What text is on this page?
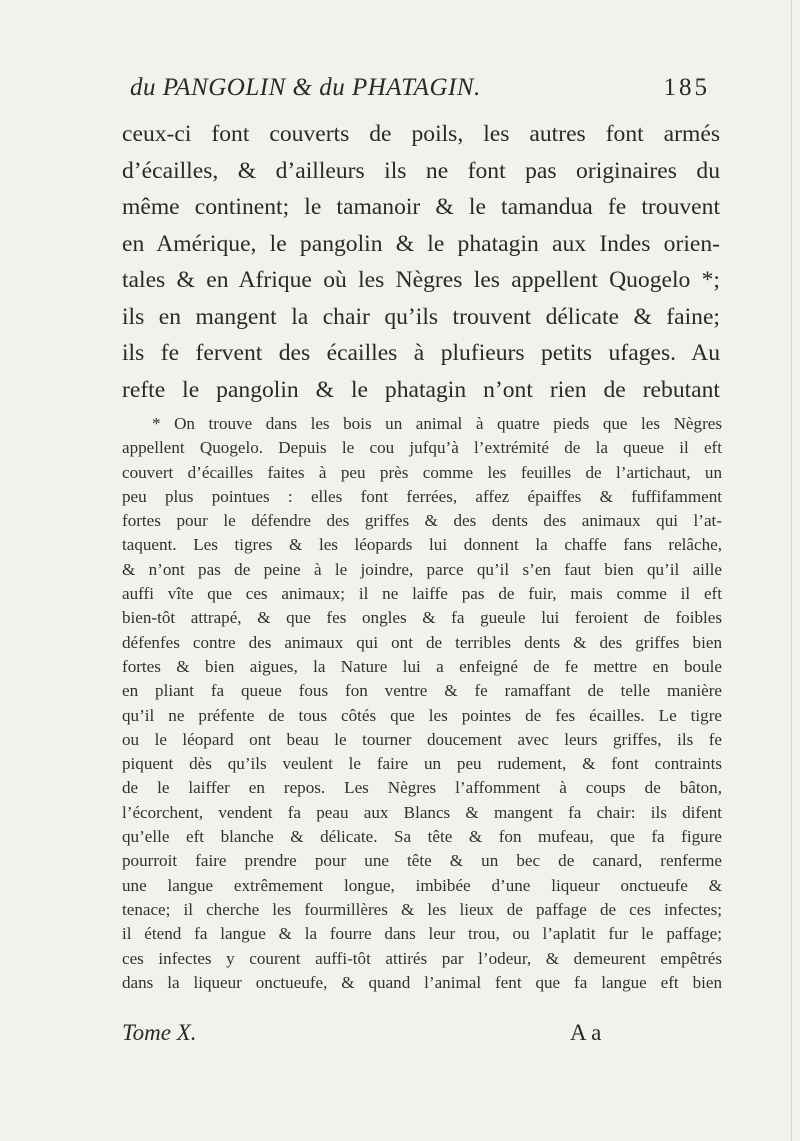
du PANGOLIN & du PHATAGIN.	185
ceux-ci font couverts de poils, les autres font armés
d’écailles, & d’ailleurs ils ne font pas originaires du
même continent; le tamanoir & le tamandua fe trouvent
en Amérique, le pangolin & le phatagin aux Indes orien-
tales & en Afrique où les Nègres les appellent Quogelo *;
ils en mangent la chair qu’ils trouvent délicate & faine;
ils fe fervent des écailles à plufieurs petits ufages. Au
refte le pangolin & le phatagin n’ont rien de rebutant
* On trouve dans les bois un animal à quatre pieds que les Nègres
appellent Quogelo. Depuis le cou jufqu’à l’extrémité de la queue il eft
couvert d’écailles faites à peu près comme les feuilles de l’artichaut, un
peu plus pointues : elles font ferrées, affez épaiffes & fuffifamment
fortes pour le défendre des griffes & des dents des animaux qui l’at-
taquent. Les tigres & les léopards lui donnent la chaffe fans relâche,
& n’ont pas de peine à le joindre, parce qu’il s’en faut bien qu’il aille
auffi vîte que ces animaux; il ne laiffe pas de fuir, mais comme il eft
bien-tôt attrapé, & que fes ongles & fa gueule lui feroient de foibles
défenfes contre des animaux qui ont de terribles dents & des griffes bien
fortes & bien aigues, la Nature lui a enfeigné de fe mettre en boule
en pliant fa queue fous fon ventre & fe ramaffant de telle manière
qu’il ne préfente de tous côtés que les pointes de fes écailles. Le tigre
ou le léopard ont beau le tourner doucement avec leurs griffes, ils fe
piquent dès qu’ils veulent le faire un peu rudement, & font contraints
de le laiffer en repos. Les Nègres l’affomment à coups de bâton,
l’écorchent, vendent fa peau aux Blancs & mangent fa chair: ils difent
qu’elle eft blanche & délicate. Sa tête & fon mufeau, que fa figure
pourroit faire prendre pour une tête & un bec de canard, renferme
une langue extrêmement longue, imbibée d’une liqueur onctueufe &
tenace; il cherche les fourmillères & les lieux de paffage de ces infectes;
il étend fa langue & la fourre dans leur trou, ou l’aplatit fur le paffage;
ces infectes y courent auffi-tôt attirés par l’odeur, & demeurent empêtrés
dans la liqueur onctueufe, & quand l’animal fent que fa langue eft bien
Tome X.	A a
